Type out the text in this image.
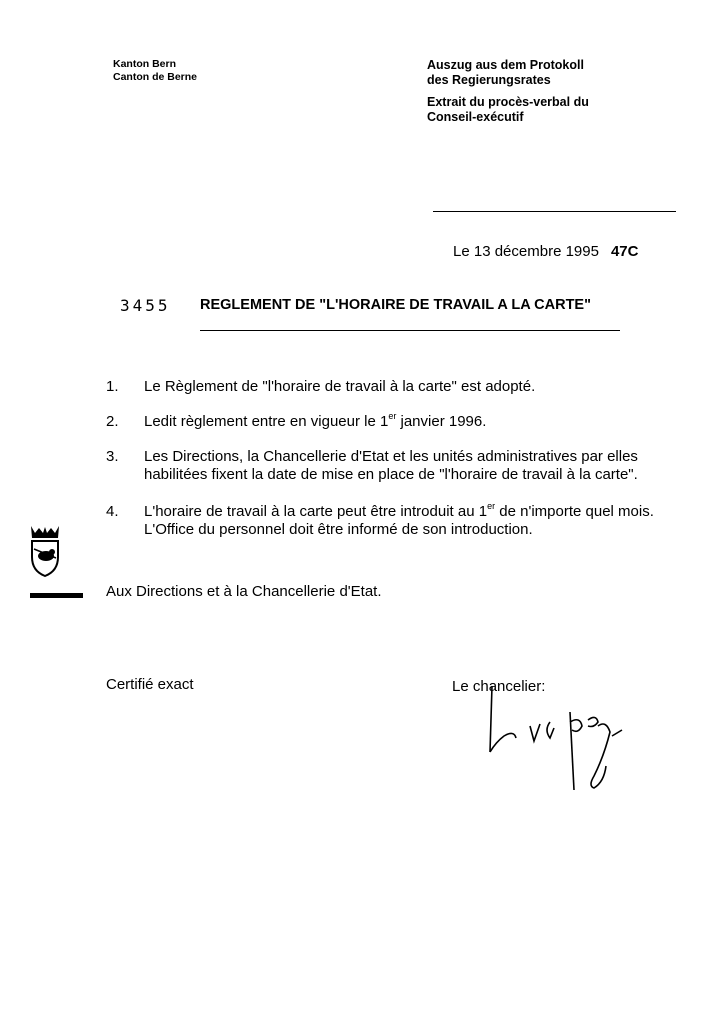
Kanton Bern
Canton de Berne
Auszug aus dem Protokoll
des Regierungsrates
Extrait du procès-verbal du
Conseil-exécutif
Le 13 décembre 1995 47C
3455 REGLEMENT DE "L'HORAIRE DE TRAVAIL A LA CARTE"
1.	Le Règlement de "l'horaire de travail à la carte" est adopté.
2.	Ledit règlement entre en vigueur le 1er janvier 1996.
3.	Les Directions, la Chancellerie d'Etat et les unités administratives par elles
habilitées fixent la date de mise en place de "l'horaire de travail à la carte".
4.	L'horaire de travail à la carte peut être introduit au 1er de n'importe quel mois.
L'Office du personnel doit être informé de son introduction.
Aux Directions et à la Chancellerie d'Etat.
Certifié exact	Le chancelier:
